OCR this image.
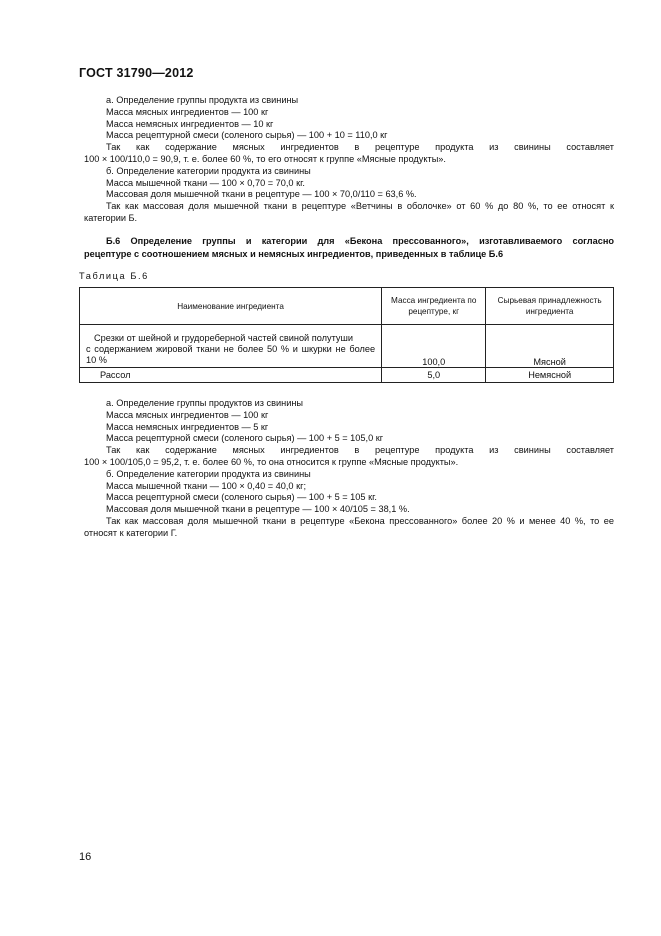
ГОСТ 31790—2012

а. Определение группы продукта из свинины

Масса мясных ингредиентов — 100 кг

Масса немясных ингредиентов — 10 кг

Масса рецептурной смеси (соленого сырья) — 100 + 10 = 110,0 кг

Так как содержание мясных ингредиентов в рецептуре продукта из свинины составляет

100 × 100/110,0 = 90,9, т. е. более 60 %, то его относят к группе «Мясные продукты».

б. Определение категории продукта из свинины

Масса мышечной ткани — 100 × 0,70 = 70,0 кг.

Массовая доля мышечной ткани в рецептуре — 100 × 70,0/110 = 63,6 %.

Так как массовая доля мышечной ткани в рецептуре «Ветчины в оболочке» от 60 % до 80 %, то ее относят к

категории Б.

Б.6 Определение группы и категории для «Бекона прессованного», изготавливаемого согласно
рецептуре с соотношением мясных и немясных ингредиентов, приведенных в таблице Б.6
Таблица Б.6
Наименование ингредиента	Масса ингредиента по рецептуре, кг	Сырьевая принадлежность ингредиента

Срезки от шейной и грудореберной частей свиной полутуши
с содержанием жировой ткани не более 50 % и шкурки не более 10 %	100,0	Мясной
Рассол	5,0	Немясной

а. Определение группы продуктов из свинины

Масса мясных ингредиентов — 100 кг

Масса немясных ингредиентов — 5 кг

Масса рецептурной смеси (соленого сырья) — 100 + 5 = 105,0 кг

Так как содержание мясных ингредиентов в рецептуре продукта из свинины составляет

100 × 100/105,0 = 95,2, т. е. более 60 %, то она относится к группе «Мясные продукты».

б. Определение категории продукта из свинины

Масса мышечной ткани — 100 × 0,40 = 40,0 кг;

Масса рецептурной смеси (соленого сырья) — 100 + 5 = 105 кг.

Массовая доля мышечной ткани в рецептуре — 100 × 40/105 = 38,1 %.

Так как массовая доля мышечной ткани в рецептуре «Бекона прессованного» более 20 % и менее 40 %, то ее

относят к категории Г.

16
